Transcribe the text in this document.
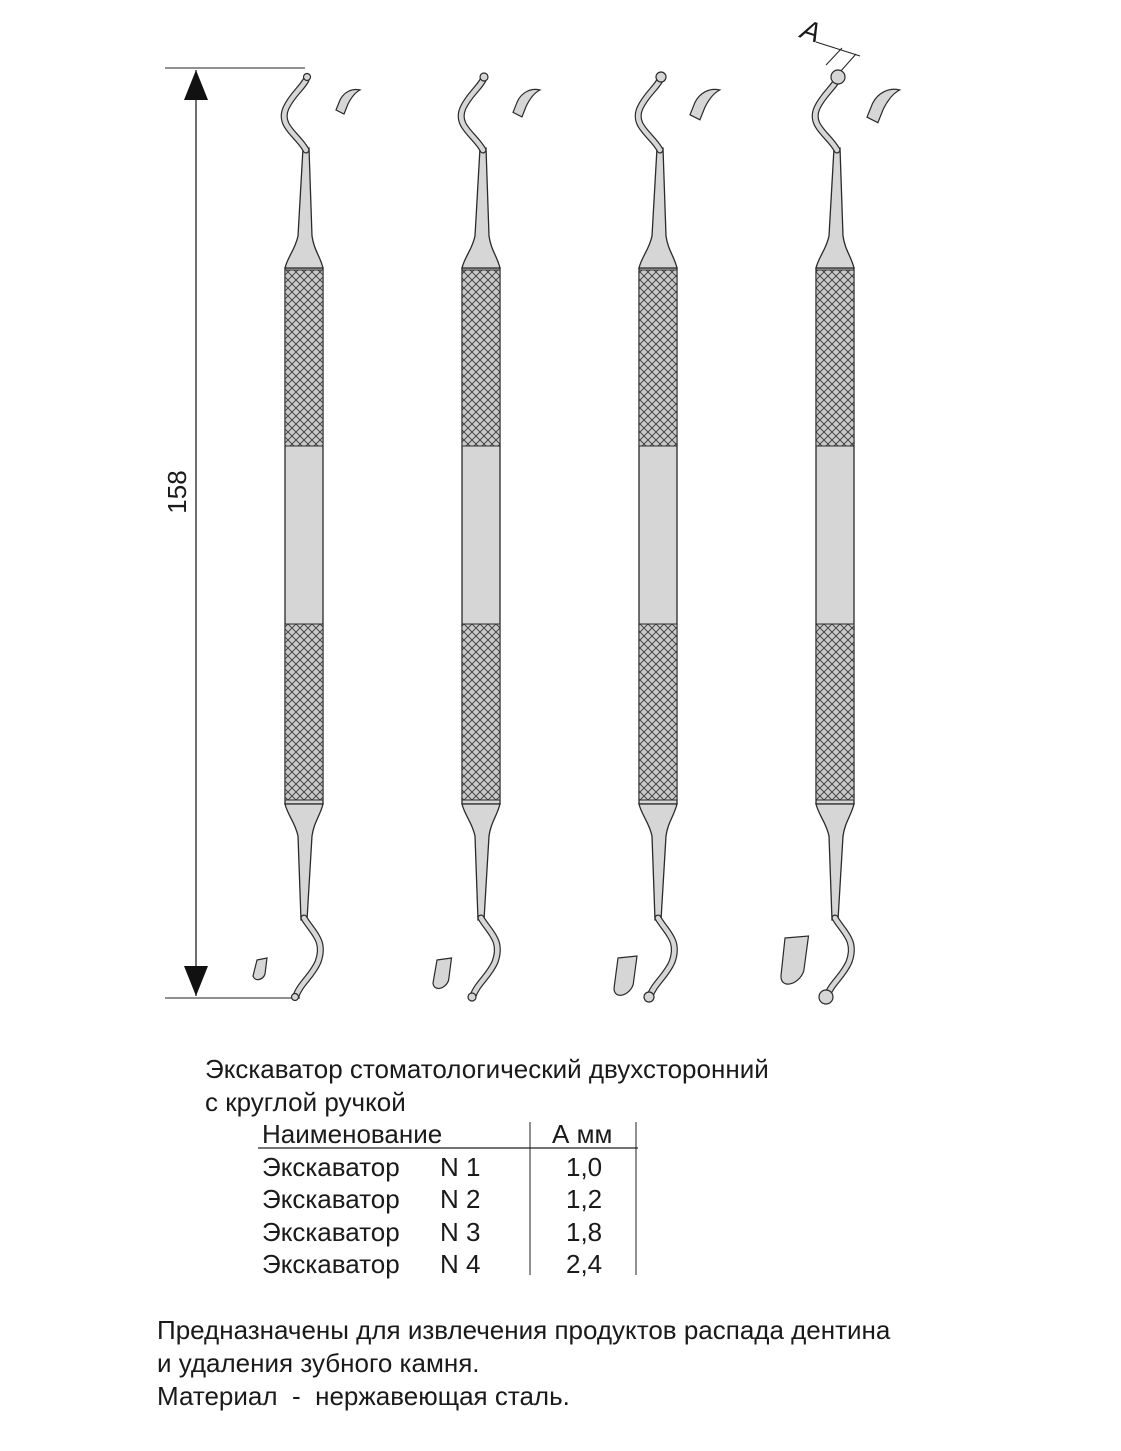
158
A
Экскаватор стоматологический двухсторонний
с круглой ручкой
Наименование	А мм
Экскаватор N 1	1,0
Экскаватор N 2	1,2
Экскаватор N 3	1,8
Экскаватор N 4	2,4
Предназначены для извлечения продуктов распада дентина
и удаления зубного камня.
Материал  -  нержавеющая сталь.
